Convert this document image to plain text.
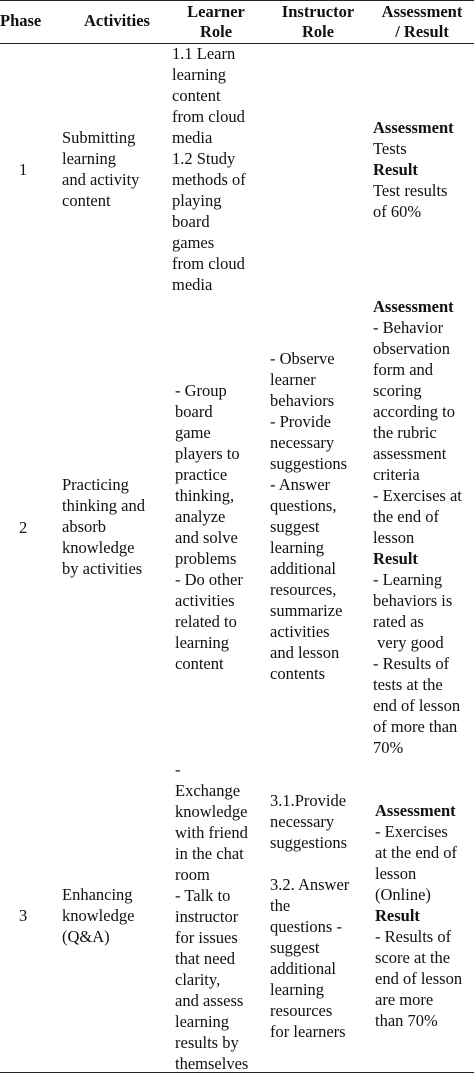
Phase	Activities	Learner
Role
Instructor
Role
Assessment
/ Result
1
Submitting
learning
and activity
content
1.1 Learn
learning
content
from cloud
media
1.2 Study
methods of
playing
board
games
from cloud
media
Assessment
Tests
Result
Test results
of 60%
2
Practicing
thinking and
absorb
knowledge
by activities
- Group
board
game
players to
practice
thinking,
analyze
and solve
problems
- Do other
activities
related to
learning
content
- Observe
learner
behaviors
- Provide
necessary
suggestions
- Answer
questions,
suggest
learning
additional
resources,
summarize
activities
and lesson
contents
Assessment
- Behavior
observation
form and
scoring
according to
the rubric
assessment
criteria
- Exercises at
the end of
lesson
Result
- Learning
behaviors is
rated as
very good
- Results of
tests at the
end of lesson
of more than
70%
3
Enhancing
knowledge
(Q&A)
-
Exchange
knowledge
with friend
in the chat
room
- Talk to
instructor
for issues
that need
clarity,
and assess
learning
results by
themselves
3.1.Provide
necessary
suggestions
3.2. Answer
the
questions -
suggest
additional
learning
resources
for learners
Assessment
- Exercises
at the end of
lesson
(Online)
Result
- Results of
score at the
end of lesson
are more
than 70%
